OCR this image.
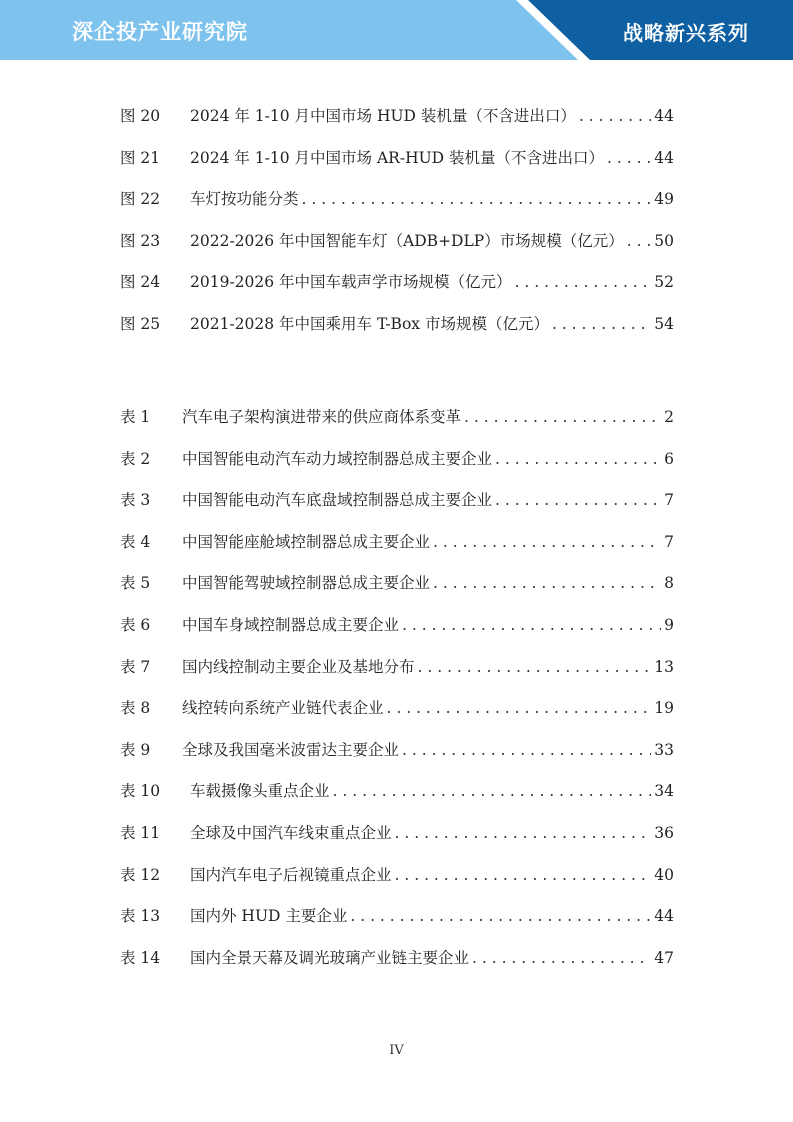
深企投产业研究院	战略新兴系列
图 20	2024 年 1-10 月中国市场 HUD 装机量（不含进出口） . . .	44
图 21	2024 年 1-10 月中国市场 AR-HUD 装机量（不含进出口） . . .	44
图 22	车灯按功能分类 . . .	49
图 23	2022-2026 年中国智能车灯（ADB+DLP）市场规模（亿元） . . . 50
图 24	2019-2026 年中国车载声学市场规模（亿元） . . .	52
图 25	2021-2028 年中国乘用车 T-Box 市场规模（亿元） . . .	54
表 1	汽车电子架构演进带来的供应商体系变革 . . .	2
表 2	中国智能电动汽车动力域控制器总成主要企业 . . .	6
表 3	中国智能电动汽车底盘域控制器总成主要企业 . . .	7
表 4	中国智能座舱域控制器总成主要企业 . . .	7
表 5	中国智能驾驶域控制器总成主要企业 . . .	8
表 6	中国车身域控制器总成主要企业 . . .	9
表 7	国内线控制动主要企业及基地分布 . . .	13
表 8	线控转向系统产业链代表企业 . . .	19
表 9	全球及我国毫米波雷达主要企业 . . .	33
表 10	车载摄像头重点企业 . . .	34
表 11	全球及中国汽车线束重点企业 . . .	36
表 12	国内汽车电子后视镜重点企业 . . .	40
表 13	国内外 HUD 主要企业 . . .	44
表 14	国内全景天幕及调光玻璃产业链主要企业 . . .	47
IV
